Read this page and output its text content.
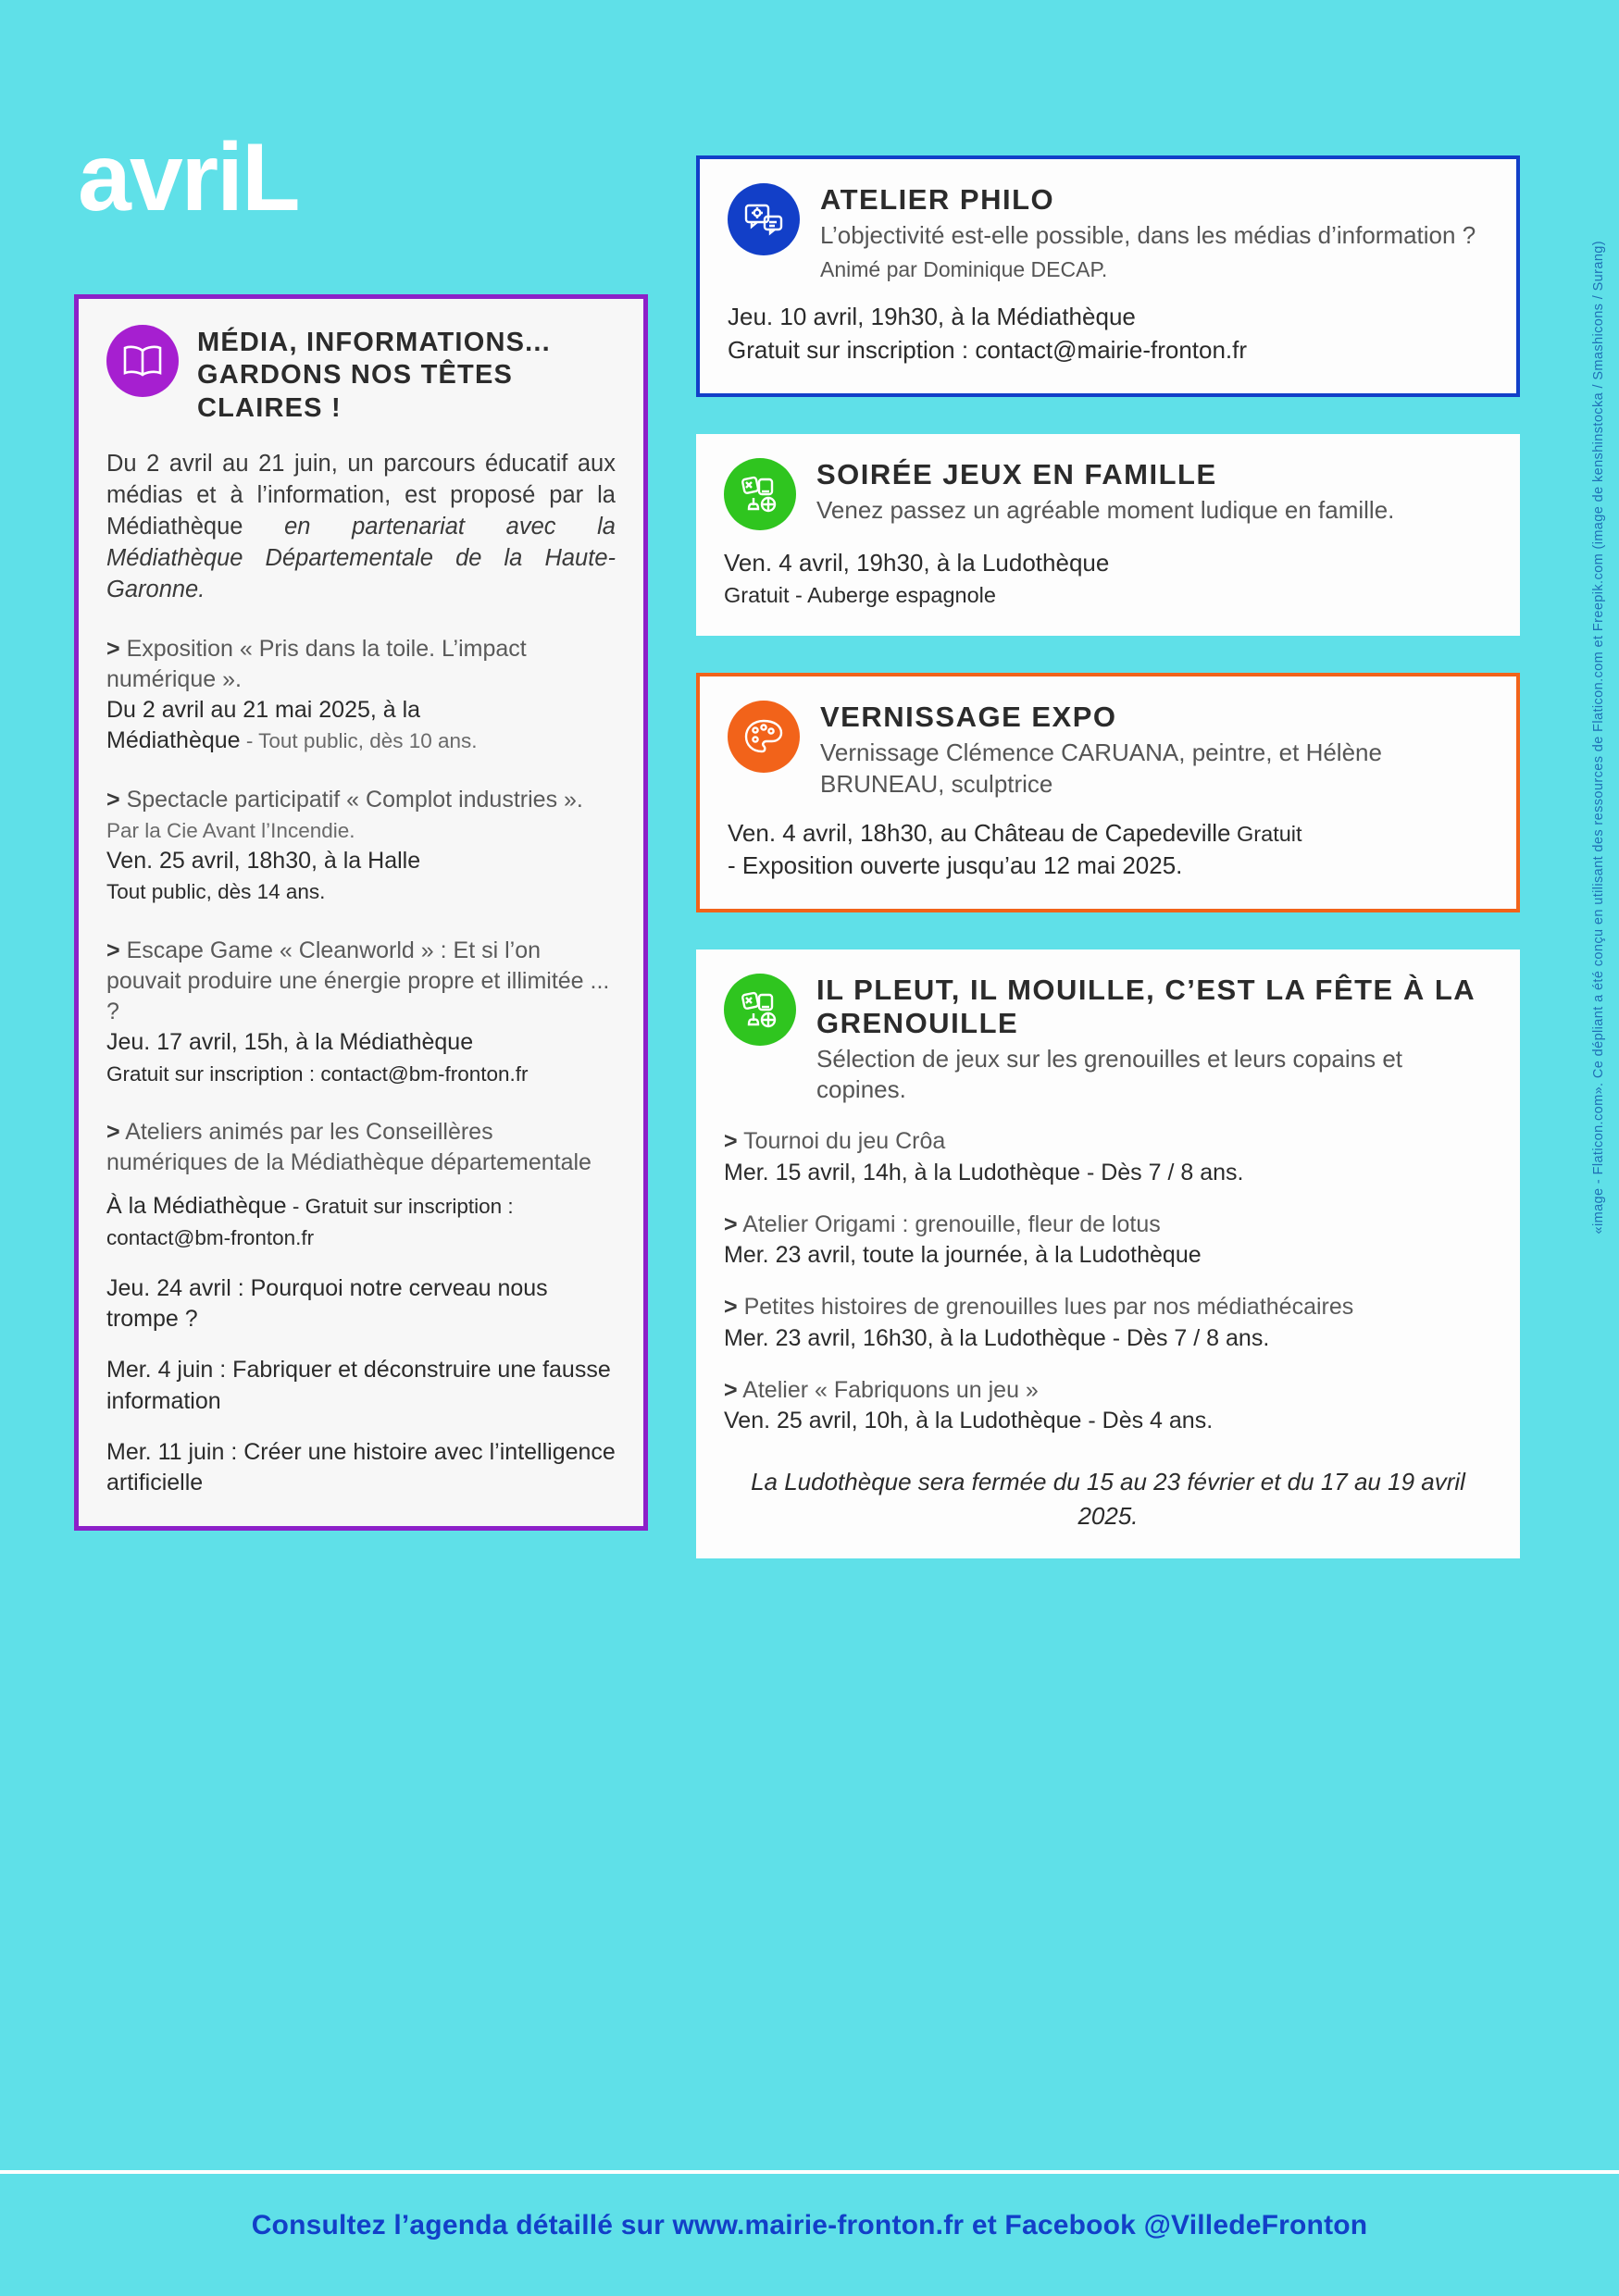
avriL
MÉDIA, INFORMATIONS... GARDONS NOS TÊTES CLAIRES !
Du 2 avril au 21 juin, un parcours éducatif aux médias et à l’information, est proposé par la Médiathèque en partenariat avec la Médiathèque Départementale de la Haute-Garonne.
> Exposition « Pris dans la toile. L’impact numérique ».
Du 2 avril au 21 mai 2025, à la
Médiathèque - Tout public, dès 10 ans.
> Spectacle participatif « Complot industries ». Par la Cie Avant l’Incendie.
Ven. 25 avril, 18h30, à la Halle
Tout public, dès 14 ans.
> Escape Game « Cleanworld » : Et si l’on pouvait produire une énergie propre et illimitée ... ?
Jeu. 17 avril, 15h, à la Médiathèque
Gratuit sur inscription : contact@bm-fronton.fr
> Ateliers animés par les Conseillères numériques de la Médiathèque départementale
À la Médiathèque - Gratuit sur inscription : contact@bm-fronton.fr
Jeu. 24 avril : Pourquoi notre cerveau nous trompe ?
Mer. 4 juin : Fabriquer et déconstruire une fausse information
Mer. 11 juin : Créer une histoire avec l’intelligence artificielle
ATELIER PHILO
L’objectivité est-elle possible, dans les médias d’information ?
Animé par Dominique DECAP.
Jeu. 10 avril, 19h30, à la Médiathèque
Gratuit sur inscription : contact@mairie-fronton.fr
SOIRÉE JEUX EN FAMILLE
Venez passez un agréable moment ludique en famille.
Ven. 4 avril, 19h30, à la Ludothèque
Gratuit - Auberge espagnole
VERNISSAGE EXPO
Vernissage Clémence CARUANA, peintre, et Hélène BRUNEAU, sculptrice
Ven. 4 avril, 18h30, au Château de Capedeville Gratuit
- Exposition ouverte jusqu’au 12 mai 2025.
IL PLEUT, IL MOUILLE, C’EST LA FÊTE À LA GRENOUILLE
Sélection de jeux sur les grenouilles et leurs copains et copines.
> Tournoi du jeu Crôa
Mer. 15 avril, 14h, à la Ludothèque - Dès 7 / 8 ans.
> Atelier Origami : grenouille, fleur de lotus
Mer. 23 avril, toute la journée, à la Ludothèque
> Petites histoires de grenouilles lues par nos médiathécaires
Mer. 23 avril, 16h30, à la Ludothèque - Dès 7 / 8 ans.
> Atelier « Fabriquons un jeu »
Ven. 25 avril, 10h, à la Ludothèque - Dès 4 ans.
La Ludothèque sera fermée du 15 au 23 février et du 17 au 19 avril 2025.
«image - Flaticon.com». Ce dépliant a été conçu en utilisant des ressources de Flaticon.com et Freepik.com (image de kenshinstocka / Smashicons / Surang)
Consultez l’agenda détaillé sur www.mairie-fronton.fr et Facebook @VilledeFronton
